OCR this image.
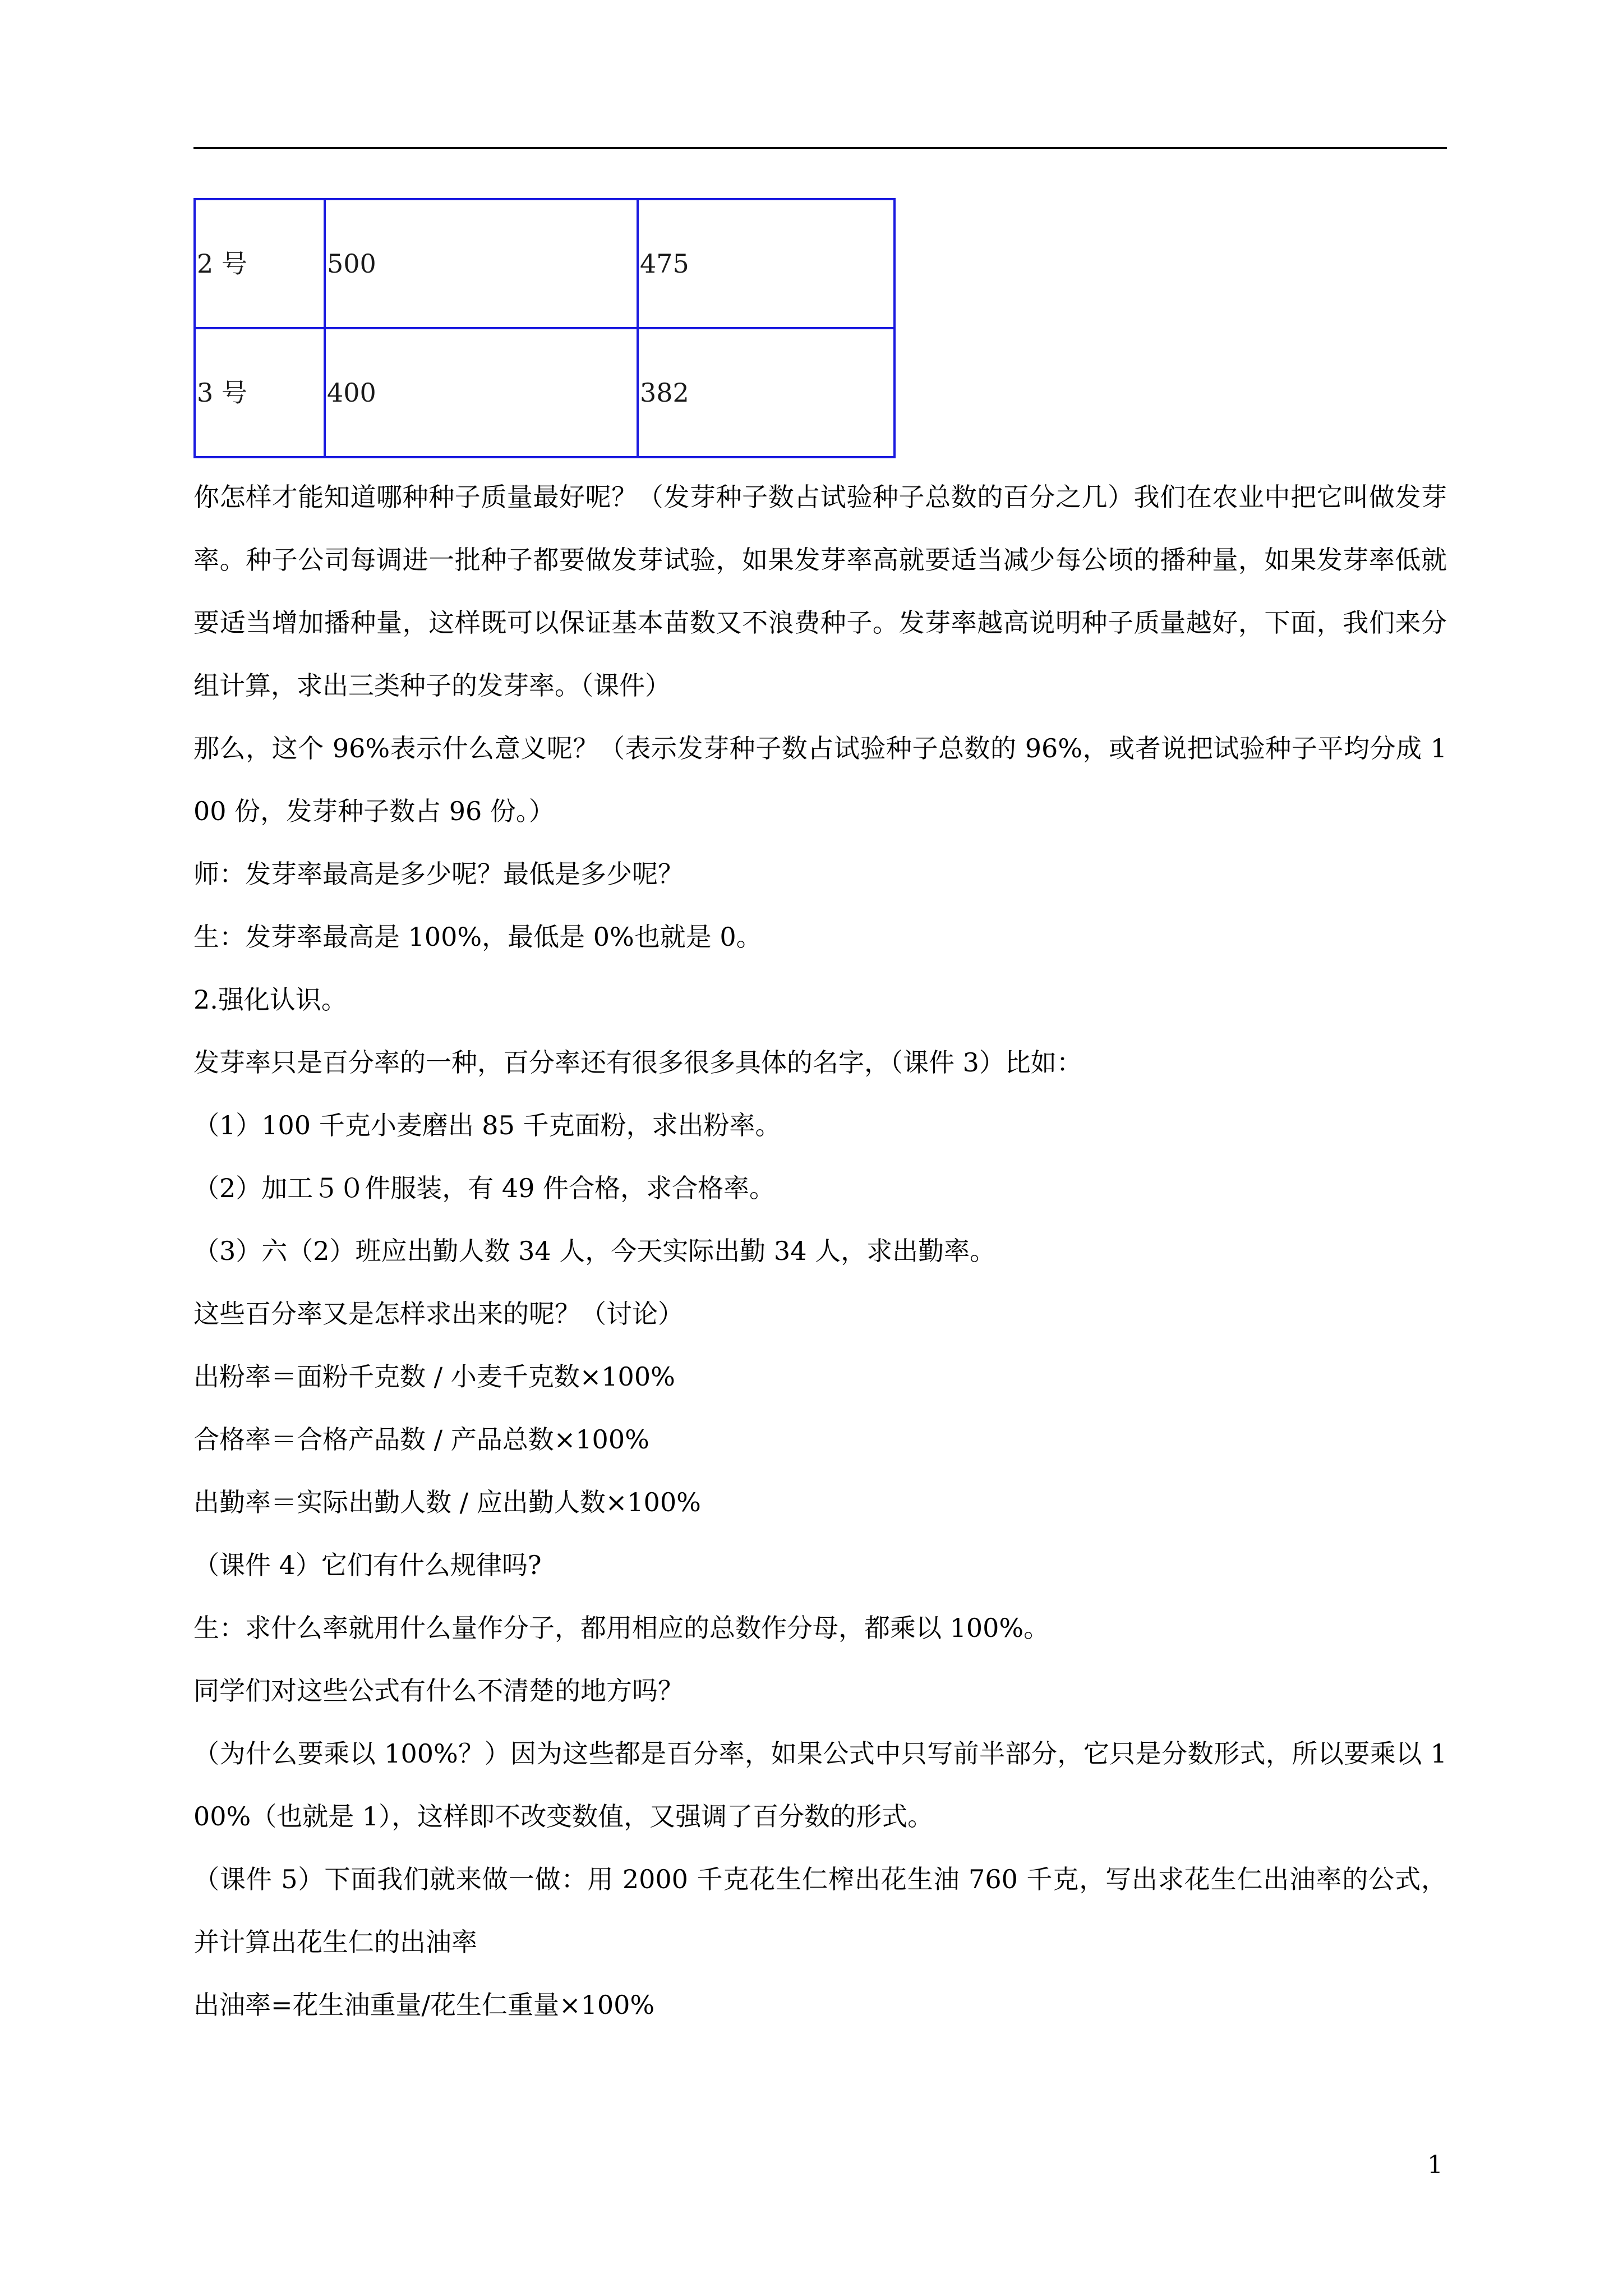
2 号	500	475
3 号	400	382

你怎样才能知道哪种种子质量最好呢？（发芽种子数占试验种子总数的百分之几）我们在农业中把它叫做发芽率。种子公司每调进一批种子都要做发芽试验，如果发芽率高就要适当减少每公顷的播种量，如果发芽率低就要适当增加播种量，这样既可以保证基本苗数又不浪费种子。发芽率越高说明种子质量越好，下面，我们来分组计算，求出三类种子的发芽率。（课件）

那么，这个 96%表示什么意义呢？（表示发芽种子数占试验种子总数的 96%，或者说把试验种子平均分成 100 份，发芽种子数占 96 份。）

师：发芽率最高是多少呢？最低是多少呢？

生：发芽率最高是 100%，最低是 0%也就是 0。

2.强化认识。

发芽率只是百分率的一种，百分率还有很多很多具体的名字，（课件 3）比如：

（1）100 千克小麦磨出 85 千克面粉，求出粉率。

（2）加工５０件服装，有 49 件合格，求合格率。

（3）六（2）班应出勤人数 34 人，今天实际出勤 34 人，求出勤率。

这些百分率又是怎样求出来的呢？（讨论）

出粉率＝面粉千克数 / 小麦千克数×100%

合格率＝合格产品数 / 产品总数×100%

出勤率＝实际出勤人数 / 应出勤人数×100%

（课件 4）它们有什么规律吗?

生：求什么率就用什么量作分子，都用相应的总数作分母，都乘以 100%。

同学们对这些公式有什么不清楚的地方吗？

（为什么要乘以 100%？）因为这些都是百分率，如果公式中只写前半部分，它只是分数形式，所以要乘以 100%（也就是 1），这样即不改变数值，又强调了百分数的形式。

（课件 5）下面我们就来做一做：用 2000 千克花生仁榨出花生油 760 千克，写出求花生仁出油率的公式，并计算出花生仁的出油率

出油率=花生油重量/花生仁重量×100%

1
